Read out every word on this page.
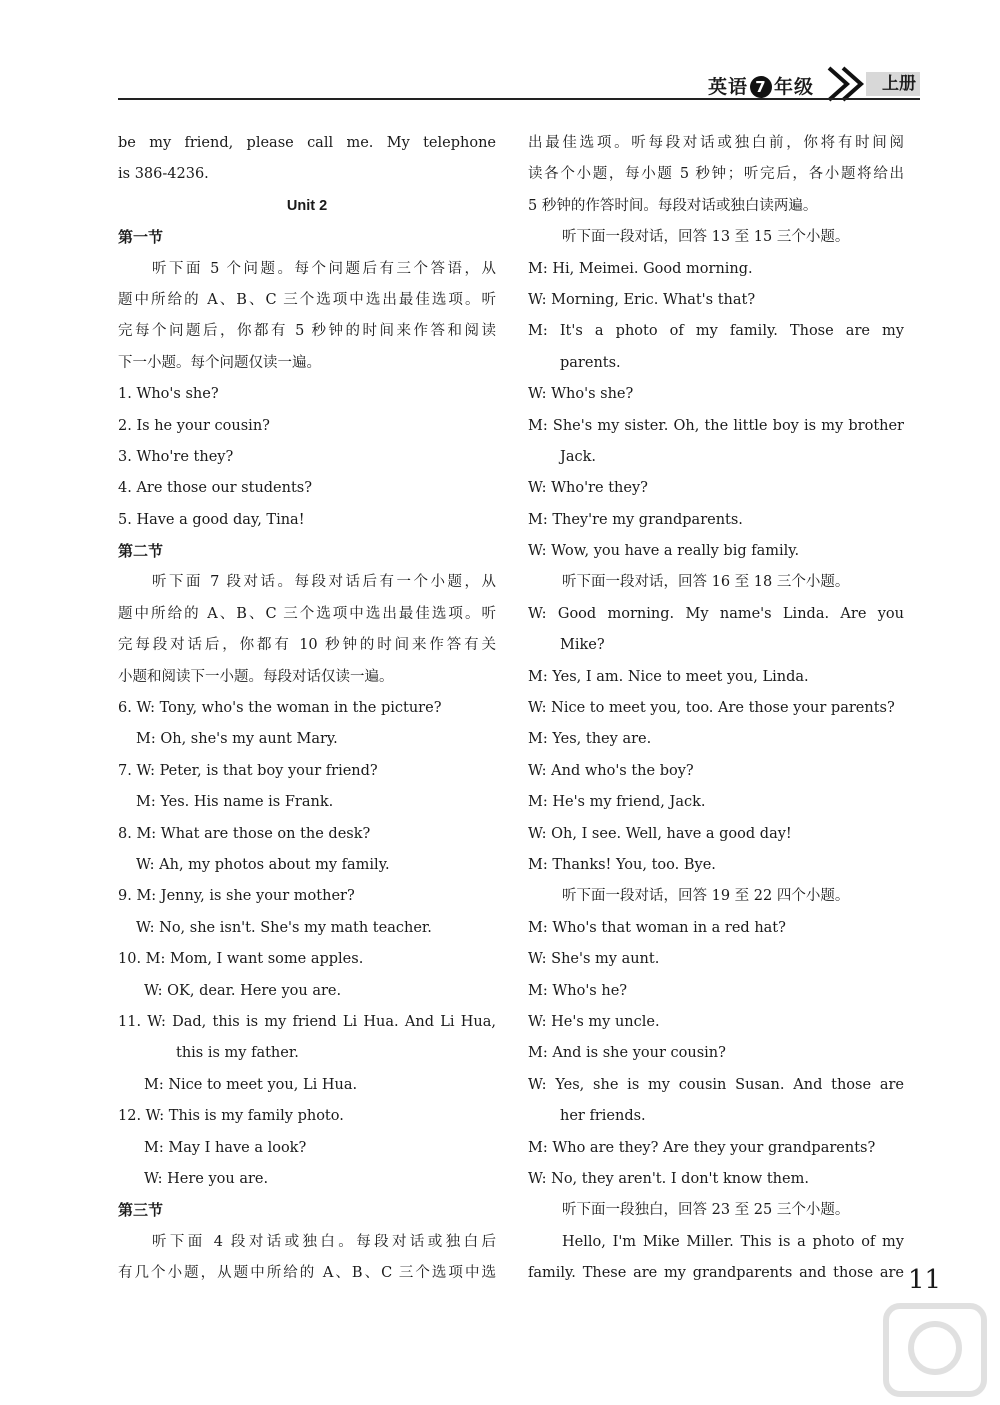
英语 7 年级	上册
be my friend, please call me. My telephone
is 386-4236.
Unit 2
第一节
听下面 5 个问题。每个问题后有三个答语，从
题中所给的 A、B、C 三个选项中选出最佳选项。听
完每个问题后，你都有 5 秒钟的时间来作答和阅读
下一小题。每个问题仅读一遍。
1. Who's she?
2. Is he your cousin?
3. Who're they?
4. Are those our students?
5. Have a good day, Tina!
第二节
听下面 7 段对话。每段对话后有一个小题，从
题中所给的 A、B、C 三个选项中选出最佳选项。听
完每段对话后，你都有 10 秒钟的时间来作答有关
小题和阅读下一小题。每段对话仅读一遍。
6. W: Tony, who's the woman in the picture?
M: Oh, she's my aunt Mary.
7. W: Peter, is that boy your friend?
M: Yes. His name is Frank.
8. M: What are those on the desk?
W: Ah, my photos about my family.
9. M: Jenny, is she your mother?
W: No, she isn't. She's my math teacher.
10. M: Mom, I want some apples.
W: OK, dear. Here you are.
11. W: Dad, this is my friend Li Hua. And Li Hua,
this is my father.
M: Nice to meet you, Li Hua.
12. W: This is my family photo.
M: May I have a look?
W: Here you are.
第三节
听下面 4 段对话或独白。每段对话或独白后
有几个小题，从题中所给的 A、B、C 三个选项中选
出最佳选项。听每段对话或独白前，你将有时间阅
读各个小题，每小题 5 秒钟；听完后，各小题将给出
5 秒钟的作答时间。每段对话或独白读两遍。
听下面一段对话，回答 13 至 15 三个小题。
M: Hi, Meimei. Good morning.
W: Morning, Eric. What's that?
M: It's a photo of my family. Those are my
parents.
W: Who's she?
M: She's my sister. Oh, the little boy is my brother
Jack.
W: Who're they?
M: They're my grandparents.
W: Wow, you have a really big family.
听下面一段对话，回答 16 至 18 三个小题。
W: Good morning. My name's Linda. Are you
Mike?
M: Yes, I am. Nice to meet you, Linda.
W: Nice to meet you, too. Are those your parents?
M: Yes, they are.
W: And who's the boy?
M: He's my friend, Jack.
W: Oh, I see. Well, have a good day!
M: Thanks! You, too. Bye.
听下面一段对话，回答 19 至 22 四个小题。
M: Who's that woman in a red hat?
W: She's my aunt.
M: Who's he?
W: He's my uncle.
M: And is she your cousin?
W: Yes, she is my cousin Susan. And those are
her friends.
M: Who are they? Are they your grandparents?
W: No, they aren't. I don't know them.
听下面一段独白，回答 23 至 25 三个小题。
Hello, I'm Mike Miller. This is a photo of my
family. These are my grandparents and those are 11
